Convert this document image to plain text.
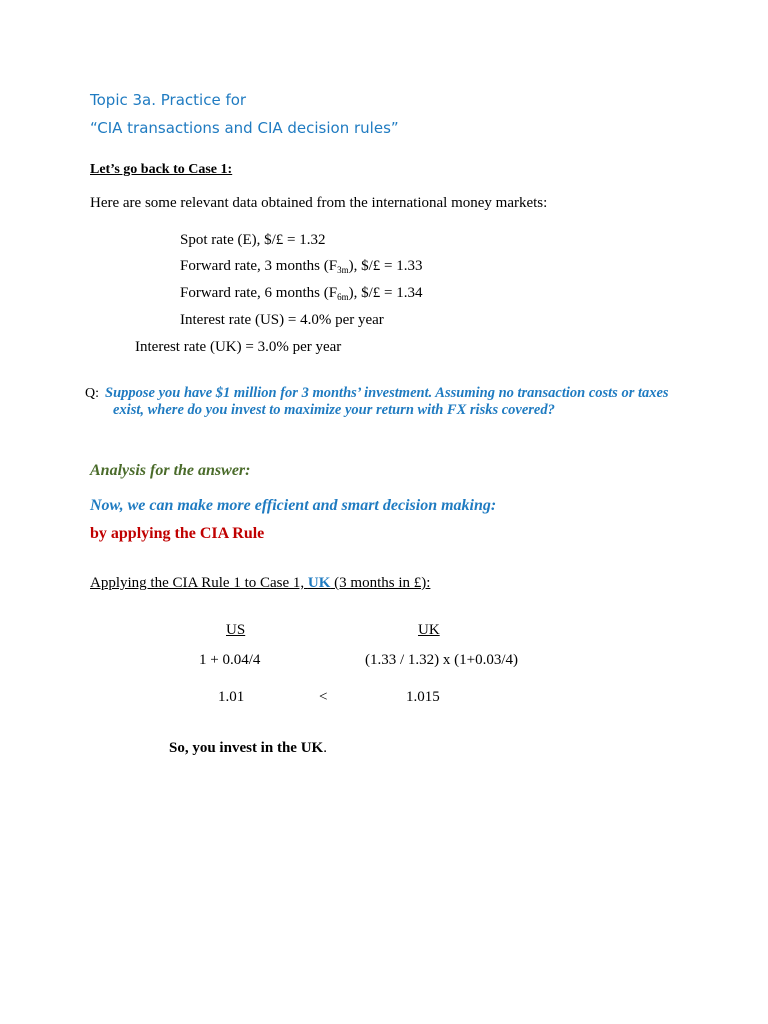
Topic 3a. Practice for
“CIA transactions and CIA decision rules”
Let’s go back to Case 1:
Here are some relevant data obtained from the international money markets:
Spot rate (E), $/£ = 1.32
Forward rate, 3 months $(F_{3m})$, $/£ = 1.33
Forward rate, 6 months $(F_{6m})$, $/£ = 1.34
Interest rate (US) = 4.0% per year
Interest rate (UK) = 3.0% per year
Q: Suppose you have $1 million for 3 months’ investment. Assuming no transaction costs or taxes
exist, where do you invest to maximize your return with FX risks covered?
Analysis for the answer:
Now, we can make more efficient and smart decision making:
by applying the CIA Rule
Applying the CIA Rule 1 to Case 1, UK (3 months in £):
US	UK
1 + 0.04/4	(1.33 / 1.32) x (1+0.03/4)
1.01	<	1.015
So, you invest in the UK.
